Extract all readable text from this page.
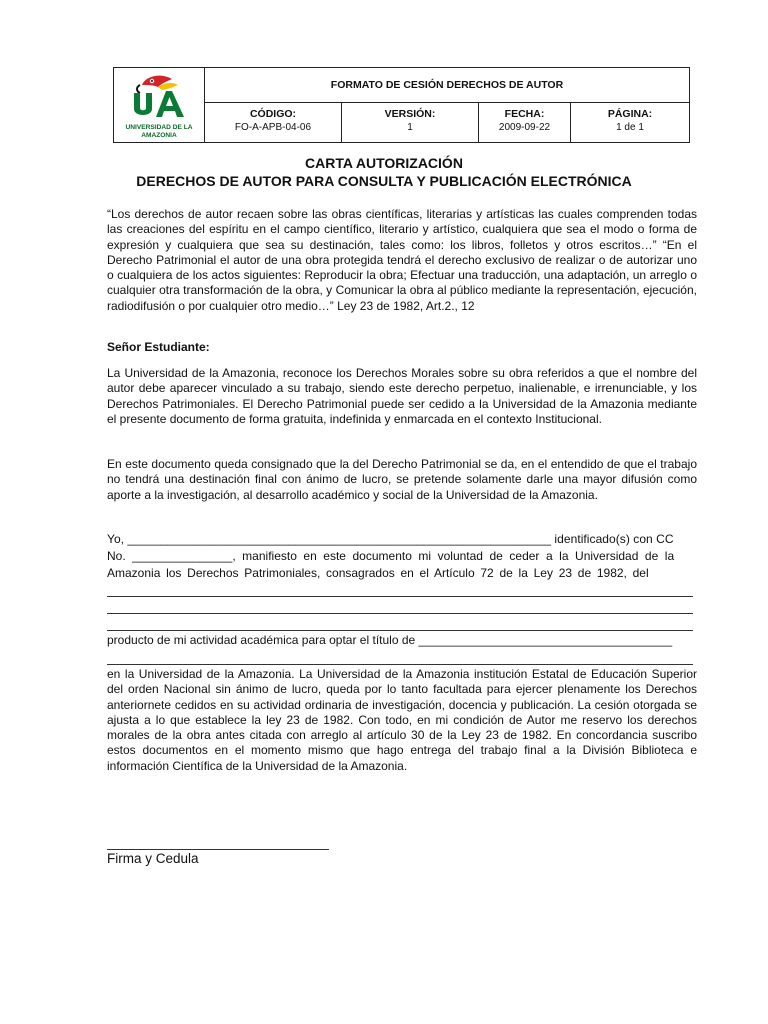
UNIVERSIDAD DE LA
AMAZONIA
FORMATO DE CESIÓN DERECHOS DE AUTOR
CÓDIGO:
FO-A-APB-04-06
VERSIÓN:
1
FECHA:
2009-09-22
PÁGINA:
1 de 1
CARTA AUTORIZACIÓN
DERECHOS DE AUTOR PARA CONSULTA Y PUBLICACIÓN ELECTRÓNICA

“Los derechos de autor recaen sobre las obras científicas, literarias y artísticas las cuales comprenden todas las creaciones del espíritu en el campo científico, literario y artístico, cualquiera que sea el modo o forma de expresión y cualquiera que sea su destinación, tales como: los libros, folletos y otros escritos…” “En el Derecho Patrimonial el autor de una obra protegida tendrá el derecho exclusivo de realizar o de autorizar uno o cualquiera de los actos siguientes: Reproducir la obra; Efectuar una traducción, una adaptación, un arreglo o cualquier otra transformación de la obra, y Comunicar la obra al público mediante la representación, ejecución, radiodifusión o por cualquier otro medio…” Ley 23 de 1982, Art.2., 12

Señor Estudiante:

La Universidad de la Amazonia, reconoce los Derechos Morales sobre su obra referidos a que el nombre del autor debe aparecer vinculado a su trabajo, siendo este derecho perpetuo, inalienable, e irrenunciable, y los Derechos Patrimoniales. El Derecho Patrimonial puede ser cedido a la Universidad de la Amazonia mediante el presente documento de forma gratuita, indefinida y enmarcada en el contexto Institucional.

En este documento queda consignado que la del Derecho Patrimonial se da, en el entendido de que el trabajo no tendrá una destinación final con ánimo de lucro, se pretende solamente darle una mayor difusión como aporte a la investigación, al desarrollo académico y social de la Universidad de la Amazonia.

Yo, _______________________________________________________________ identificado(s) con CC

No. _______________, manifiesto en este documento mi voluntad de ceder a la Universidad de la

Amazonia los Derechos Patrimoniales, consagrados en el Artículo 72 de la Ley 23 de 1982, del

producto de mi actividad académica para optar el título de ______________________________________

en la Universidad de la Amazonia. La Universidad de la Amazonia institución Estatal de Educación Superior del orden Nacional sin ánimo de lucro, queda por lo tanto facultada para ejercer plenamente los Derechos anteriornete cedidos en su actividad ordinaria de investigación, docencia y publicación. La cesión otorgada se ajusta a lo que establece la ley 23 de 1982. Con todo, en mi condición de Autor me reservo los derechos morales de la obra antes citada con arreglo al artículo 30 de la Ley 23 de 1982. En concordancia suscribo estos documentos en el momento mismo que hago entrega del trabajo final a la División Biblioteca e información Científica de la Universidad de la Amazonia.

Firma y Cedula
